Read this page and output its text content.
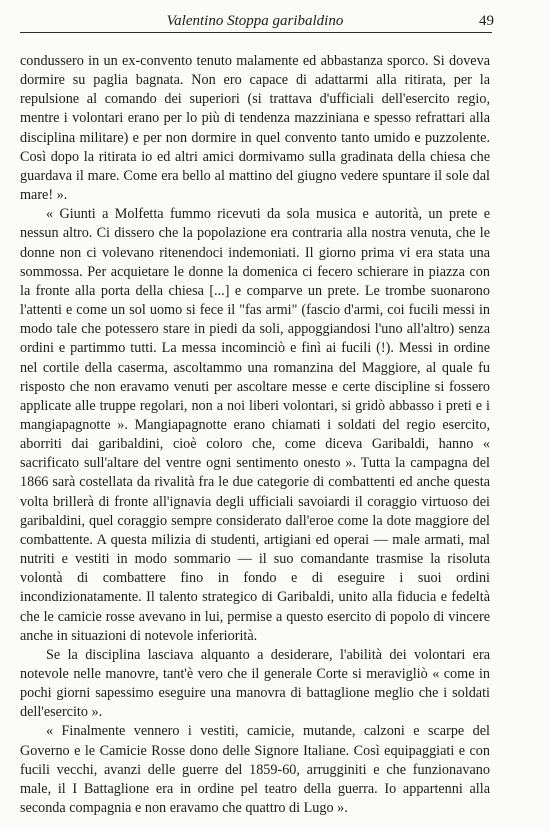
Valentino Stoppa garibaldino	49

condussero in un ex-convento tenuto malamente ed abbastanza sporco. Si doveva dormire su paglia bagnata. Non ero capace di adattarmi alla ritirata, per la repulsione al comando dei superiori (si trattava d'ufficiali dell'esercito regio, mentre i volontari erano per lo più di tendenza mazziniana e spesso refrattari alla disciplina militare) e per non dormire in quel convento tanto umido e puzzolente. Così dopo la ritirata io ed altri amici dormivamo sulla gradinata della chiesa che guardava il mare. Come era bello al mattino del giugno vedere spuntare il sole dal mare! ».

« Giunti a Molfetta fummo ricevuti da sola musica e autorità, un prete e nessun altro. Ci dissero che la popolazione era contraria alla nostra venuta, che le donne non ci volevano ritenendoci indemoniati. Il giorno prima vi era stata una sommossa. Per acquietare le donne la domenica ci fecero schierare in piazza con la fronte alla porta della chiesa [...] e comparve un prete. Le trombe suonarono l'attenti e come un sol uomo si fece il "fas armi" (fascio d'armi, coi fucili messi in modo tale che potessero stare in piedi da soli, appoggiandosi l'uno all'altro) senza ordini e partimmo tutti. La messa incominciò e finì ai fucili (!). Messi in ordine nel cortile della caserma, ascoltammo una romanzina del Maggiore, al quale fu risposto che non eravamo venuti per ascoltare messe e certe discipline si fossero applicate alle truppe regolari, non a noi liberi volontari, si gridò abbasso i preti e i mangiapagnotte ». Mangiapagnotte erano chiamati i soldati del regio esercito, aborriti dai garibaldini, cioè coloro che, come diceva Garibaldi, hanno « sacrificato sull'altare del ventre ogni sentimento onesto ». Tutta la campagna del 1866 sarà costellata da rivalità fra le due categorie di combattenti ed anche questa volta brillerà di fronte all'ignavia degli ufficiali savoiardi il coraggio virtuoso dei garibaldini, quel coraggio sempre considerato dall'eroe come la dote maggiore del combattente. A questa milizia di studenti, artigiani ed operai — male armati, mal nutriti e vestiti in modo sommario — il suo comandante trasmise la risoluta volontà di combattere fino in fondo e di eseguire i suoi ordini incondizionatamente. Il talento strategico di Garibaldi, unito alla fiducia e fedeltà che le camicie rosse avevano in lui, permise a questo esercito di popolo di vincere anche in situazioni di notevole inferiorità.

Se la disciplina lasciava alquanto a desiderare, l'abilità dei volontari era notevole nelle manovre, tant'è vero che il generale Corte si meravigliò « come in pochi giorni sapessimo eseguire una manovra di battaglione meglio che i soldati dell'esercito ».

« Finalmente vennero i vestiti, camicie, mutande, calzoni e scarpe del Governo e le Camicie Rosse dono delle Signore Italiane. Così equipaggiati e con fucili vecchi, avanzi delle guerre del 1859-60, arrugginiti e che funzionavano male, il I Battaglione era in ordine pel teatro della guerra. Io appartenni alla seconda compagnia e non eravamo che quattro di Lugo ».
